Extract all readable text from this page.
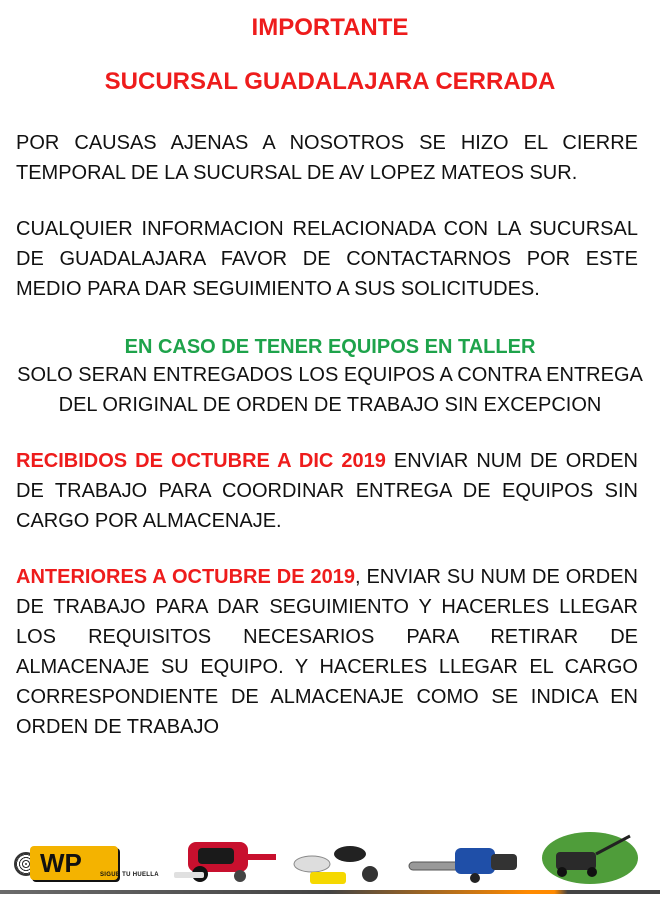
IMPORTANTE
SUCURSAL GUADALAJARA CERRADA

POR CAUSAS AJENAS A NOSOTROS SE HIZO EL CIERRE TEMPORAL DE LA SUCURSAL DE AV LOPEZ MATEOS SUR.

CUALQUIER INFORMACION RELACIONADA CON LA SUCURSAL DE GUADALAJARA FAVOR DE CONTACTARNOS POR ESTE MEDIO PARA DAR SEGUIMIENTO A SUS SOLICITUDES.

EN CASO DE TENER EQUIPOS EN TALLER

SOLO SERAN ENTREGADOS LOS EQUIPOS A CONTRA ENTREGA
DEL ORIGINAL DE ORDEN DE TRABAJO SIN EXCEPCION

RECIBIDOS DE OCTUBRE A DIC 2019 ENVIAR NUM DE ORDEN DE TRABAJO PARA COORDINAR ENTREGA DE EQUIPOS SIN CARGO POR ALMACENAJE.

ANTERIORES A OCTUBRE DE 2019, ENVIAR SU NUM DE ORDEN DE TRABAJO PARA DAR SEGUIMIENTO Y HACERLES LLEGAR LOS REQUISITOS NECESARIOS PARA RETIRAR DE ALMACENAJE SU EQUIPO. Y HACERLES LLEGAR EL CARGO CORRESPONDIENTE DE ALMACENAJE COMO SE INDICA EN ORDEN DE TRABAJO

WP	SIGUE TU HUELLA
